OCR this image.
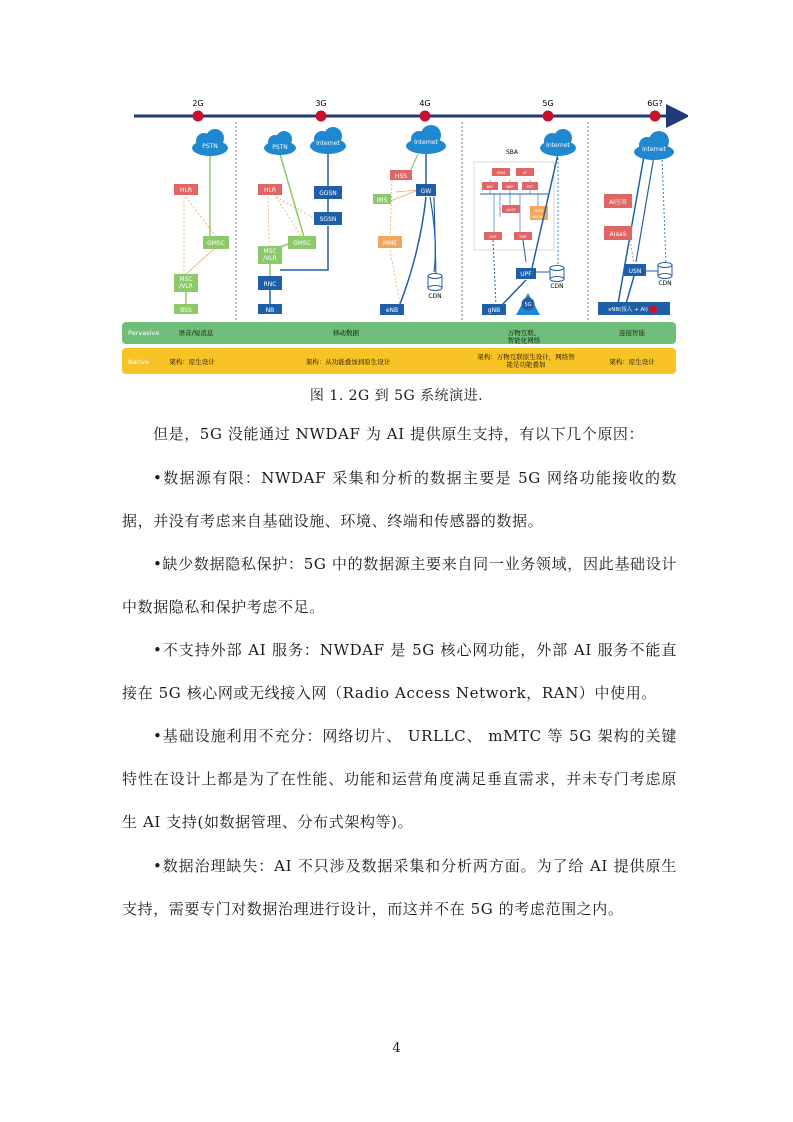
2G	3G	4G	5G	6G?
PSTN
HLR
GMSC
MSC /VLR
BSS
PSTN
Internet
HLR	GGSN
SGSN
GMSC
MSC /VLR
RNC
NB
Internet
HSS
IMS
GW
MME
CDN
eNB
SBA
UDM	AF
NEF	NRF	PCF
AUSF	NSSF
NWDAF
AMF	SMF
Internet
UPF
CDN
gNB
5G
Internet
AI应用
AIaaS
USN
CDN
xNB(接入 + AI)
Pervasive	语音/短消息	移动数据	万物互联、智能化网络
连接智能
Native	架构：原生设计	架构：从功能叠加到原生设计
架构：万物互联原生设计，网络智能是功能叠加	架构：原生设计
图 1. 2G 到 5G 系统演进.

但是，5G 没能通过 NWDAF 为 AI 提供原生支持，有以下几个原因：

•数据源有限：NWDAF 采集和分析的数据主要是 5G 网络功能接收的数据，并没有考虑来自基础设施、环境、终端和传感器的数据。

•缺少数据隐私保护：5G 中的数据源主要来自同一业务领域，因此基础设计中数据隐私和保护考虑不足。

•不支持外部 AI 服务：NWDAF 是 5G 核心网功能，外部 AI 服务不能直接在 5G 核心网或无线接入网（Radio Access Network，RAN）中使用。

•基础设施利用不充分：网络切片、 URLLC、 mMTC 等 5G 架构的关键特性在设计上都是为了在性能、功能和运营角度满足垂直需求，并未专门考虑原生 AI 支持(如数据管理、分布式架构等)。

•数据治理缺失：AI 不只涉及数据采集和分析两方面。为了给 AI 提供原生支持，需要专门对数据治理进行设计，而这并不在 5G 的考虑范围之内。

4
